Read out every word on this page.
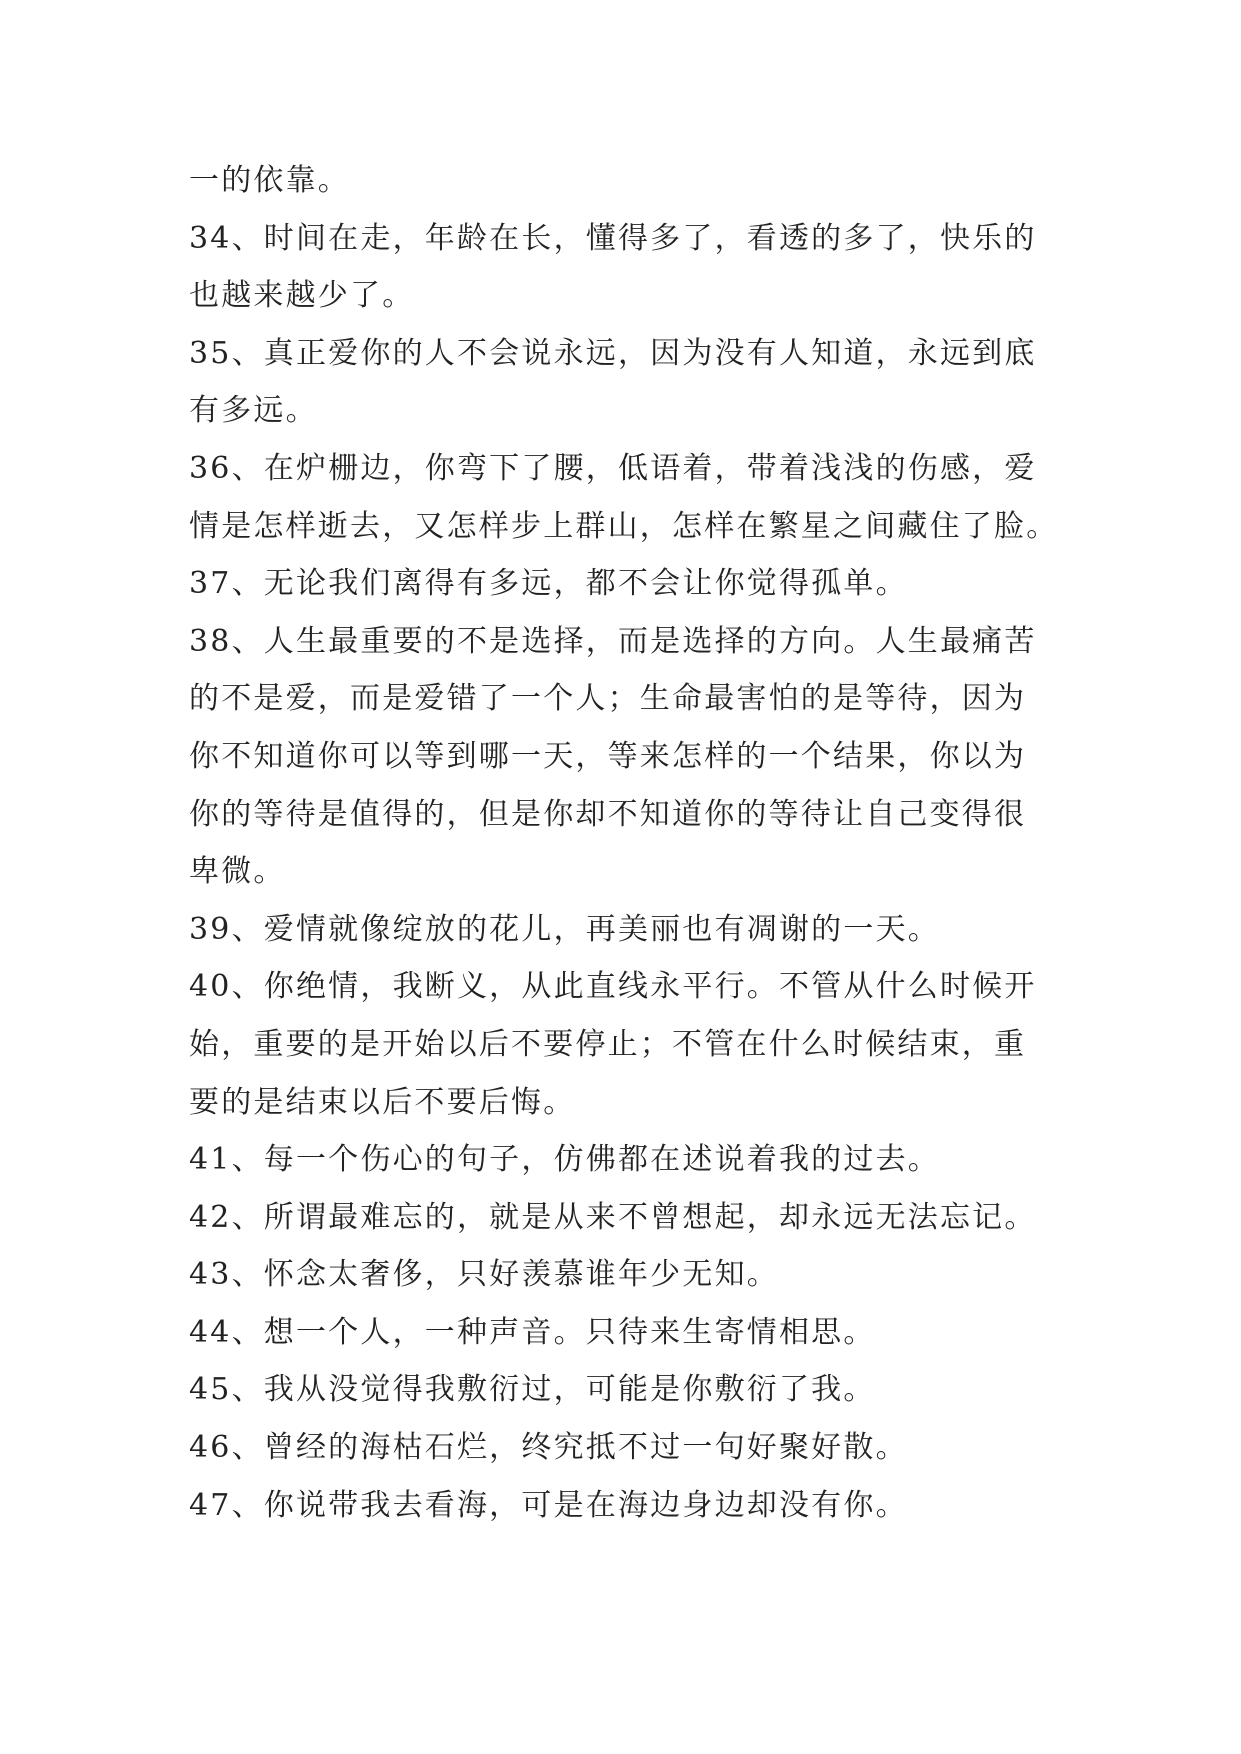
一的依靠。
34、时间在走，年龄在长，懂得多了，看透的多了，快乐的
也越来越少了。
35、真正爱你的人不会说永远，因为没有人知道，永远到底
有多远。
36、在炉栅边，你弯下了腰，低语着，带着浅浅的伤感，爱
情是怎样逝去，又怎样步上群山，怎样在繁星之间藏住了脸。
37、无论我们离得有多远，都不会让你觉得孤单。
38、人生最重要的不是选择，而是选择的方向。人生最痛苦
的不是爱，而是爱错了一个人；生命最害怕的是等待，因为
你不知道你可以等到哪一天，等来怎样的一个结果，你以为
你的等待是值得的，但是你却不知道你的等待让自己变得很
卑微。
39、爱情就像绽放的花儿，再美丽也有凋谢的一天。
40、你绝情，我断义，从此直线永平行。不管从什么时候开
始，重要的是开始以后不要停止；不管在什么时候结束，重
要的是结束以后不要后悔。
41、每一个伤心的句子，仿佛都在述说着我的过去。
42、所谓最难忘的，就是从来不曾想起，却永远无法忘记。
43、怀念太奢侈，只好羡慕谁年少无知。
44、想一个人，一种声音。只待来生寄情相思。
45、我从没觉得我敷衍过，可能是你敷衍了我。
46、曾经的海枯石烂，终究抵不过一句好聚好散。
47、你说带我去看海，可是在海边身边却没有你。
